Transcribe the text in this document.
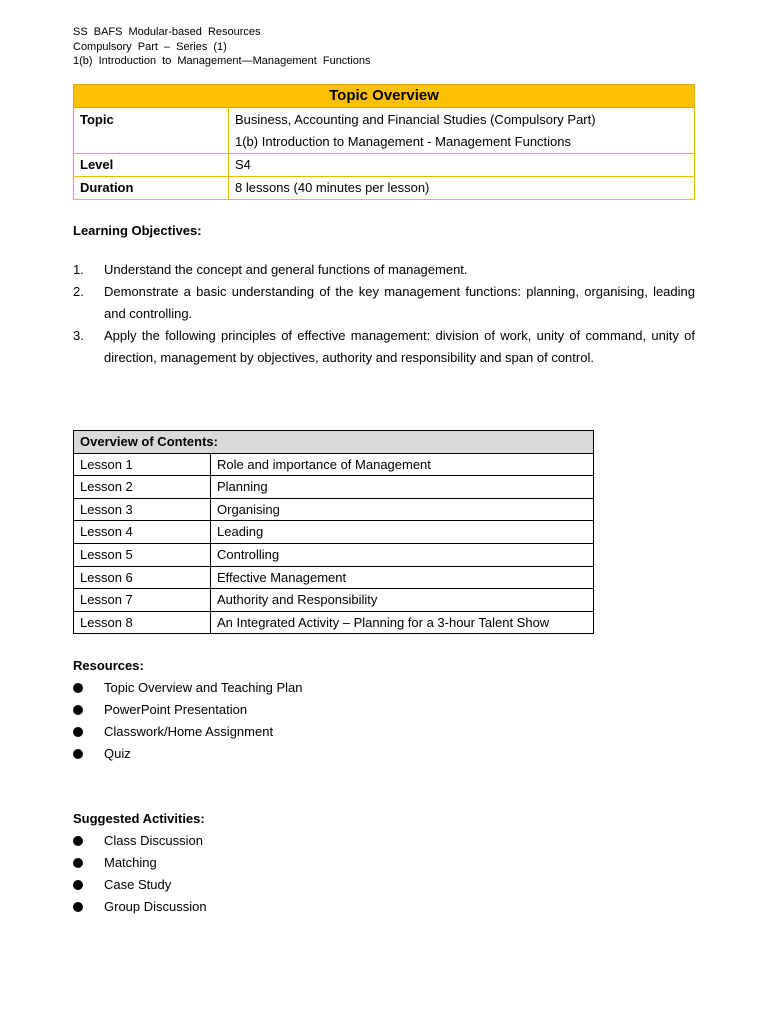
SS BAFS Modular-based Resources
Compulsory Part – Series (1)
1(b) Introduction to Management—Management Functions
Topic Overview	
Topic	Business, Accounting and Financial Studies (Compulsory Part)
1(b) Introduction to Management - Management Functions

Level	S4
Duration	8 lessons (40 minutes per lesson)
Learning Objectives:
1.	Understand the concept and general functions of management.
2.	Demonstrate a basic understanding of the key management functions: planning, organising, leading and controlling.
3.	Apply the following principles of effective management: division of work, unity of command, unity of direction, management by objectives, authority and responsibility and span of control.
Overview of Contents:	
Lesson 1	Role and importance of Management
Lesson 2	Planning
Lesson 3	Organising
Lesson 4	Leading
Lesson 5	Controlling
Lesson 6	Effective Management
Lesson 7	Authority and Responsibility
Lesson 8	An Integrated Activity – Planning for a 3-hour Talent Show
Resources:
Topic Overview and Teaching Plan
PowerPoint Presentation
Classwork/Home Assignment
Quiz
Suggested Activities:
Class Discussion
Matching
Case Study
Group Discussion
